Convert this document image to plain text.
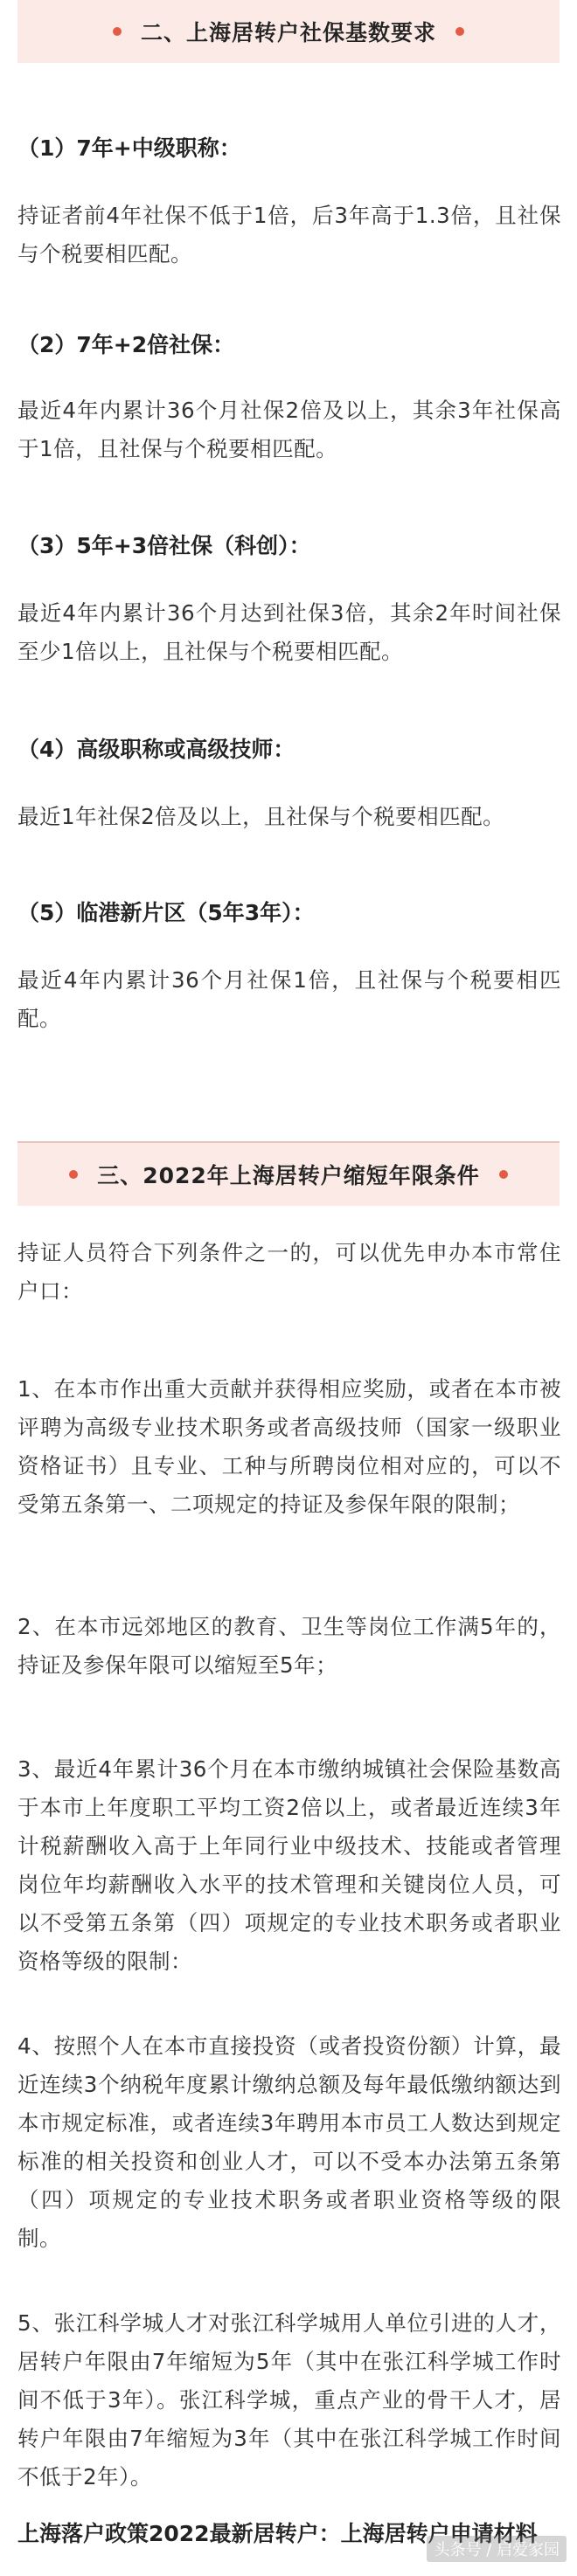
二、上海居转户社保基数要求
（1）7年+中级职称：
持证者前4年社保不低于1倍，后3年高于1.3倍，且社保与个税要相匹配。
（2）7年+2倍社保：
最近4年内累计36个月社保2倍及以上，其余3年社保高于1倍，且社保与个税要相匹配。
（3）5年+3倍社保（科创）：
最近4年内累计36个月达到社保3倍，其余2年时间社保至少1倍以上，且社保与个税要相匹配。
（4）高级职称或高级技师：
最近1年社保2倍及以上，且社保与个税要相匹配。
（5）临港新片区（5年3年）：
最近4年内累计36个月社保1倍，且社保与个税要相匹配。
三、2022年上海居转户缩短年限条件
持证人员符合下列条件之一的，可以优先申办本市常住户口：
1、在本市作出重大贡献并获得相应奖励，或者在本市被评聘为高级专业技术职务或者高级技师（国家一级职业资格证书）且专业、工种与所聘岗位相对应的，可以不受第五条第一、二项规定的持证及参保年限的限制；
2、在本市远郊地区的教育、卫生等岗位工作满5年的，持证及参保年限可以缩短至5年；
3、最近4年累计36个月在本市缴纳城镇社会保险基数高于本市上年度职工平均工资2倍以上，或者最近连续3年计税薪酬收入高于上年同行业中级技术、技能或者管理岗位年均薪酬收入水平的技术管理和关键岗位人员，可以不受第五条第（四）项规定的专业技术职务或者职业资格等级的限制：
4、按照个人在本市直接投资（或者投资份额）计算，最近连续3个纳税年度累计缴纳总额及每年最低缴纳额达到本市规定标准，或者连续3年聘用本市员工人数达到规定标准的相关投资和创业人才，可以不受本办法第五条第（四）项规定的专业技术职务或者职业资格等级的限制。
5、张江科学城人才对张江科学城用人单位引进的人才，居转户年限由7年缩短为5年（其中在张江科学城工作时间不低于3年）。张江科学城，重点产业的骨干人才，居转户年限由7年缩短为3年（其中在张江科学城工作时间不低于2年）。
上海落户政策2022最新居转户：上海居转户申请材料
头条号 / 启爱家园
